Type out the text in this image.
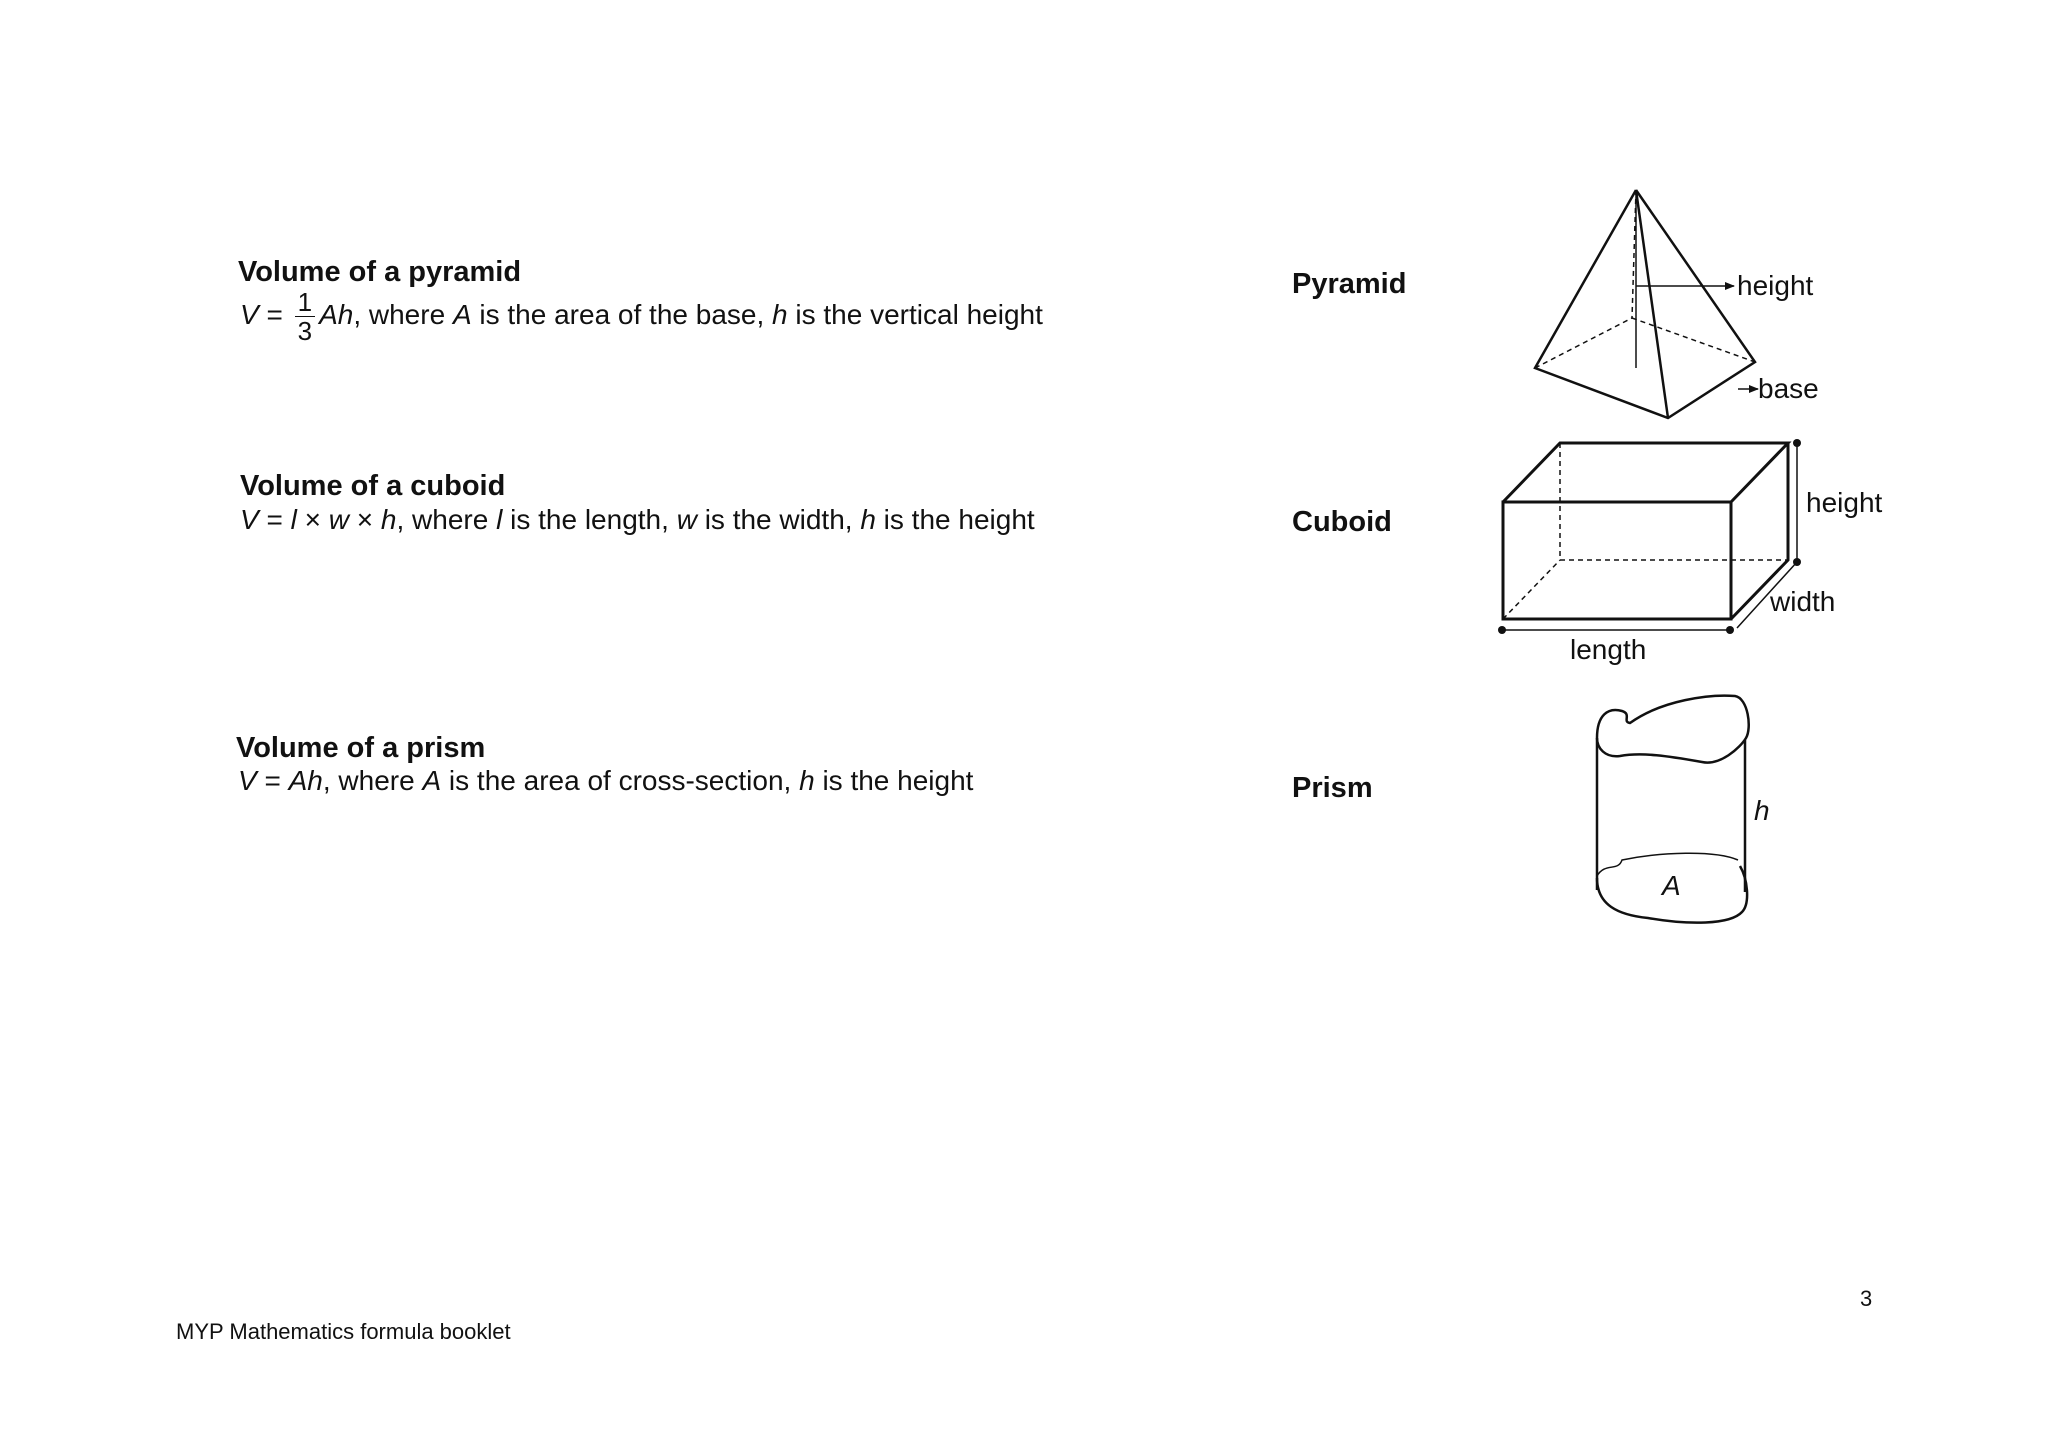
Volume of a pyramid
$V = \frac{1}{3} Ah$, where A is the area of the base, h is the vertical height
Volume of a cuboid
V = l × w × h, where l is the length, w is the width, h is the height
Volume of a prism
V = Ah, where A is the area of cross-section, h is the height
Pyramid
Cuboid
Prism
height
base
height
width
length
h
A
3
MYP Mathematics formula booklet
